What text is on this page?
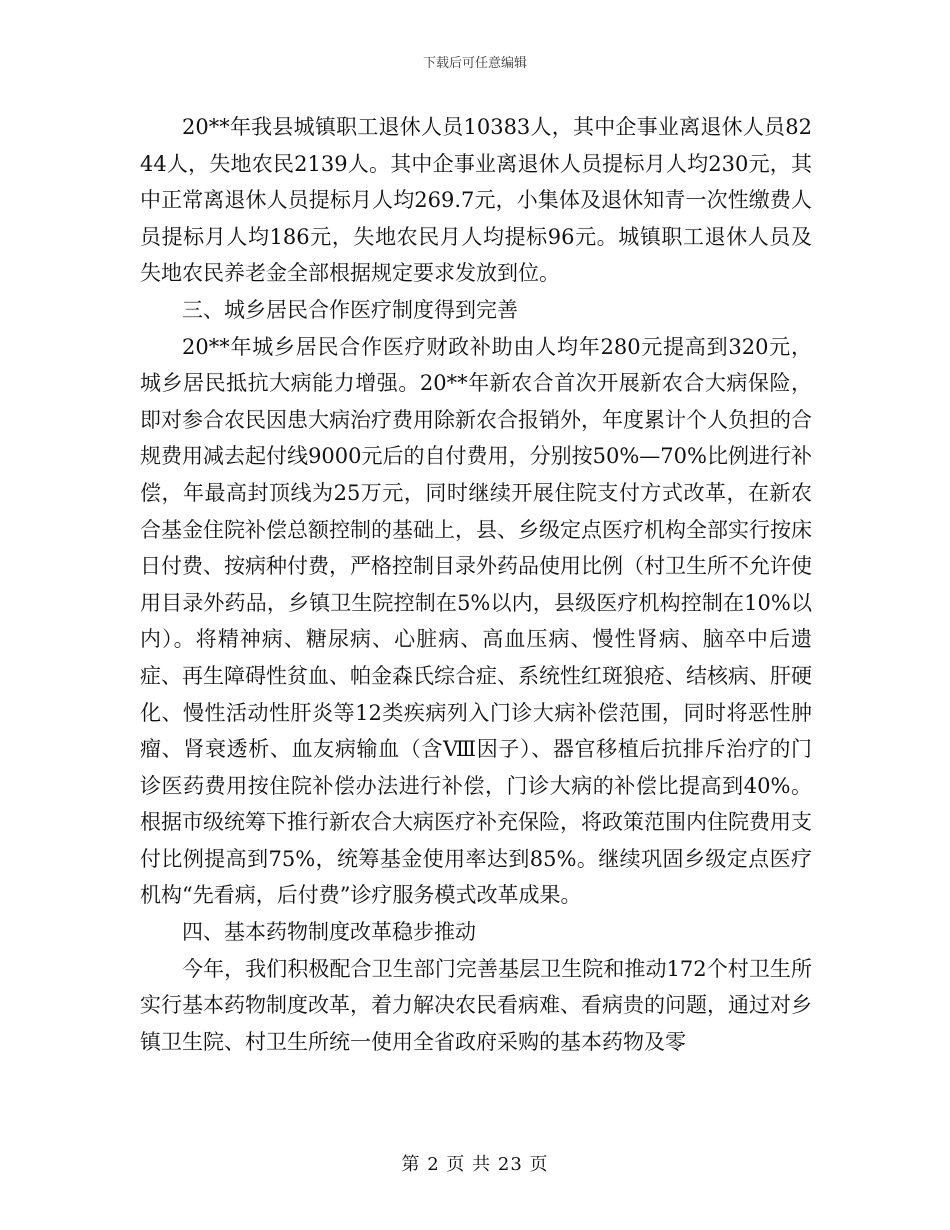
下载后可任意编辑

20**年我县城镇职工退休人员10383人，其中企事业离退休人员8244人，失地农民2139人。其中企事业离退休人员提标月人均230元，其中正常离退休人员提标月人均269.7元，小集体及退休知青一次性缴费人员提标月人均186元，失地农民月人均提标96元。城镇职工退休人员及失地农民养老金全部根据规定要求发放到位。

三、城乡居民合作医疗制度得到完善

20**年城乡居民合作医疗财政补助由人均年280元提高到320元，城乡居民抵抗大病能力增强。20**年新农合首次开展新农合大病保险，即对参合农民因患大病治疗费用除新农合报销外，年度累计个人负担的合规费用减去起付线9000元后的自付费用，分别按50%—70%比例进行补偿，年最高封顶线为25万元，同时继续开展住院支付方式改革，在新农合基金住院补偿总额控制的基础上，县、乡级定点医疗机构全部实行按床日付费、按病种付费，严格控制目录外药品使用比例（村卫生所不允许使用目录外药品，乡镇卫生院控制在5%以内，县级医疗机构控制在10%以内）。将精神病、糖尿病、心脏病、高血压病、慢性肾病、脑卒中后遗症、再生障碍性贫血、帕金森氏综合症、系统性红斑狼疮、结核病、肝硬化、慢性活动性肝炎等12类疾病列入门诊大病补偿范围，同时将恶性肿瘤、肾衰透析、血友病输血（含Ⅷ因子）、器官移植后抗排斥治疗的门诊医药费用按住院补偿办法进行补偿，门诊大病的补偿比提高到40%。根据市级统筹下推行新农合大病医疗补充保险，将政策范围内住院费用支付比例提高到75%，统筹基金使用率达到85%。继续巩固乡级定点医疗机构“先看病，后付费”诊疗服务模式改革成果。

四、基本药物制度改革稳步推动

今年，我们积极配合卫生部门完善基层卫生院和推动172个村卫生所实行基本药物制度改革，着力解决农民看病难、看病贵的问题，通过对乡镇卫生院、村卫生所统一使用全省政府采购的基本药物及零

第 2 页 共 23 页
